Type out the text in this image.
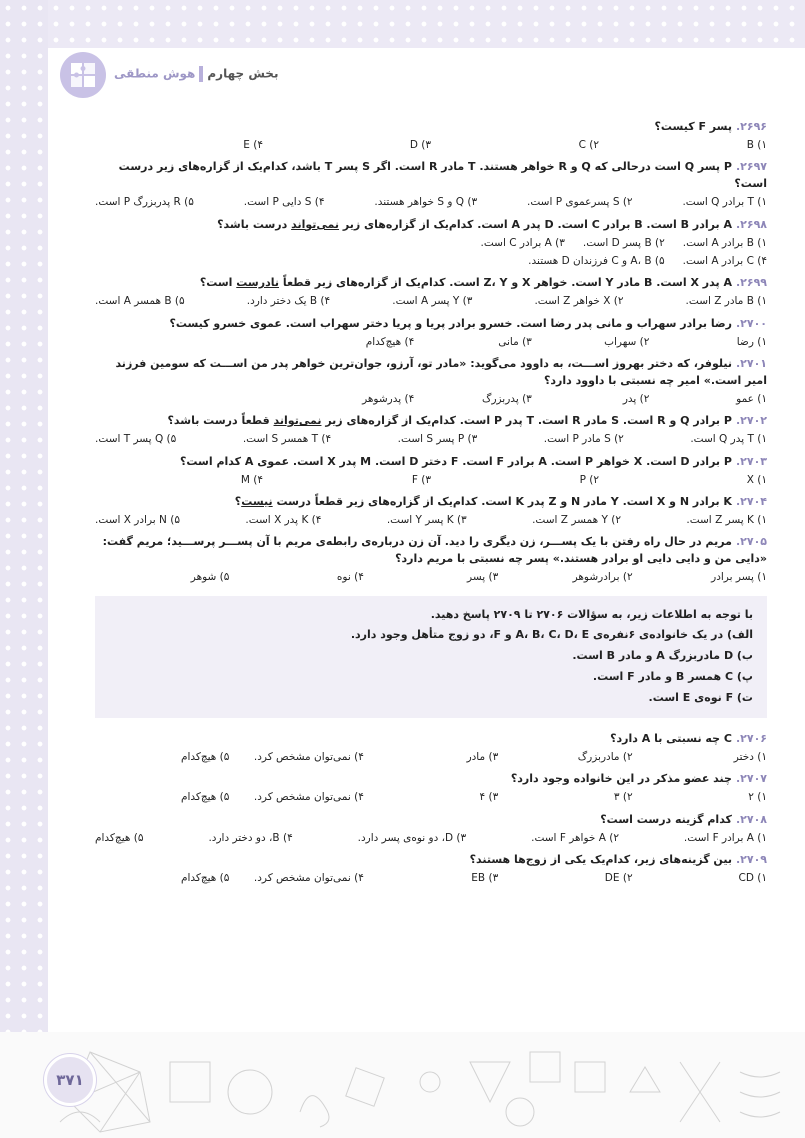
بخش چهارمهوش منطقی
۲۶۹۶.پسر F کیست؟
۱) B
۲) C
۳) D
۴) E
۲۶۹۷.P پسر Q است درحالی که Q و R خواهر هستند. T مادر R است. اگر S پسر T باشد، کدام‌یک از گزاره‌های زیر درست است؟
۱) T برادر Q است.
۲) S پسرعموی P است.
۳) Q و S خواهر هستند.
۴) S دایی P است.
۵) R پدربزرگ P است.
۲۶۹۸.A برادر B است. B برادر C است. D پدر A است. کدام‌یک از گزاره‌های زیر نمی‌تواند درست باشد؟
۱) B برادر A است.
۲) B پسر D است.
۳) A برادر C است.
۴) C برادر A است.
۵) A، B و C فرزندان D هستند.
۲۶۹۹.A پدر X است. B مادر Y است. خواهر X و Z، Y است. کدام‌یک از گزاره‌های زیر قطعاً نادرست است؟
۱) B مادر Z است.
۲) X خواهر Z است.
۳) Y پسر A است.
۴) B یک دختر دارد.
۵) B همسر A است.
۲۷۰۰.رضا برادر سهراب و مانی پدر رضا است. خسرو برادر پریا و پریا دختر سهراب است. عموی خسرو کیست؟
۱) رضا
۲) سهراب
۳) مانی
۴) هیچ‌کدام
۲۷۰۱.نیلوفر، که دختر بهروز اســـت، به داوود می‌گوید: «مادر تو، آرزو، جوان‌ترین خواهر پدر من اســـت که سومین فرزند امیر است.» امیر چه نسبتی با داوود دارد؟
۱) عمو
۲) پدر
۳) پدربزرگ
۴) پدرشوهر
۲۷۰۲.P برادر Q و R است. S مادر R است. T پدر P است. کدام‌یک از گزاره‌های زیر نمی‌تواند قطعاً درست باشد؟
۱) T پدر Q است.
۲) S مادر P است.
۳) P پسر S است.
۴) T همسر S است.
۵) Q پسر T است.
۲۷۰۳.P برادر D است. X خواهر P است. A برادر F است. F دختر D است. M پدر X است. عموی A کدام است؟
۱) X
۲) P
۳) F
۴) M
۲۷۰۴.K برادر N و X است. Y مادر N و Z پدر K است. کدام‌یک از گزاره‌های زیر قطعاً درست نیست؟
۱) K پسر Z است.
۲) Y همسر Z است.
۳) K پسر Y است.
۴) K پدر X است.
۵) N برادر X است.
۲۷۰۵.مریم در حال راه رفتن با یک پســـر، زن دیگری را دید. آن زن درباره‌ی رابطه‌ی مریم با آن پســـر پرســـید؛ مریم گفت: «دایی من و دایی دایی او برادر هستند.» پسر چه نسبتی با مریم دارد؟
۱) پسر برادر
۲) برادرشوهر
۳) پسر
۴) نوه
۵) شوهر
با توجه به اطلاعات زیر، به سؤالات ۲۷۰۶ تا ۲۷۰۹ پاسخ دهید.
الف) در یک خانواده‌ی ۶نفره‌ی A، B، C، D، E و F، دو زوج متأهل وجود دارد.
ب) D مادربزرگ A و مادر B است.
پ) C همسر B و مادر F است.
ت) F نوه‌ی E است.
۲۷۰۶.C چه نسبتی با A دارد؟
۱) دختر
۲) مادربزرگ
۳) مادر
۴) نمی‌توان مشخص کرد.
۵) هیچ‌کدام
۲۷۰۷.چند عضو مذکر در این خانواده وجود دارد؟
۱) ۲
۲) ۳
۳) ۴
۴) نمی‌توان مشخص کرد.
۵) هیچ‌کدام
۲۷۰۸.کدام گزینه درست است؟
۱) A برادر F است.
۲) A خواهر F است.
۳) D، دو نوه‌ی پسر دارد.
۴) B، دو دختر دارد.
۵) هیچ‌کدام
۲۷۰۹.بین گزینه‌های زیر، کدام‌یک یکی از زوج‌ها هستند؟
۱) CD
۲) DE
۳) EB
۴) نمی‌توان مشخص کرد.
۵) هیچ‌کدام
۳۷۱
